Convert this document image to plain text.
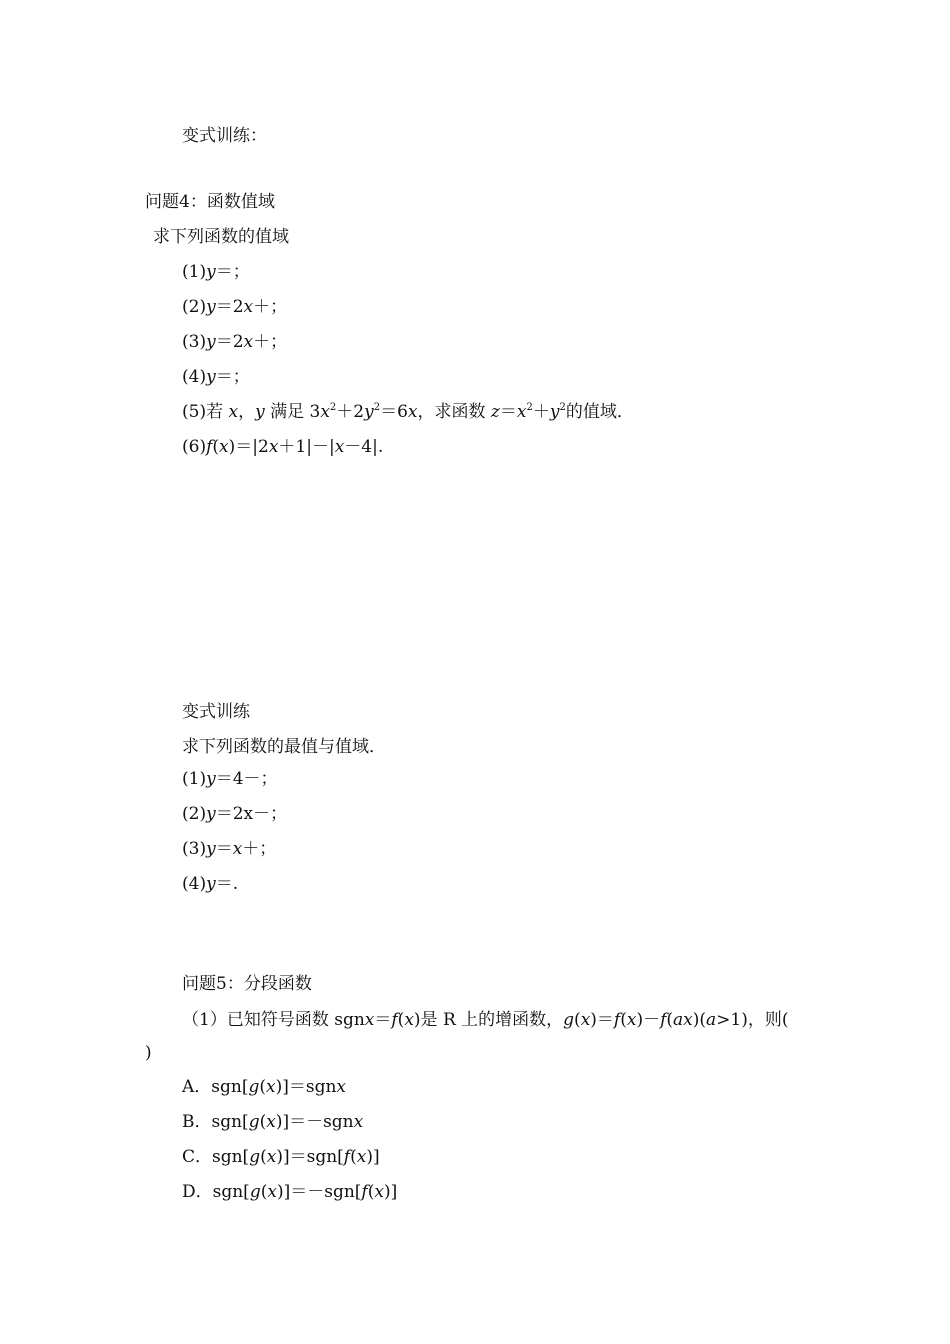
变式训练：
问题4：函数值域
求下列函数的值域
(1)y＝；
(2)y＝2x＋；
(3)y＝2x＋；
(4)y＝；
(5)若 x，y 满足 $3x^2+2y^2=6x$，求函数 $z=x^2+y^2$的值域．
(6)f(x)＝|2x＋1|－|x－4|.
变式训练
求下列函数的最值与值域．
(1)y＝4－；
(2)y＝2x－；
(3)y＝x＋；
(4)y＝.
问题5：分段函数
（1）已知符号函数 sgnx＝f(x)是 R 上的增函数，g(x)＝f(x)－f(ax)(a>1)，则(
)
A．sgn[g(x)]＝sgnx
B．sgn[g(x)]＝－sgnx
C．sgn[g(x)]＝sgn[f(x)]
D．sgn[g(x)]＝－sgn[f(x)]
